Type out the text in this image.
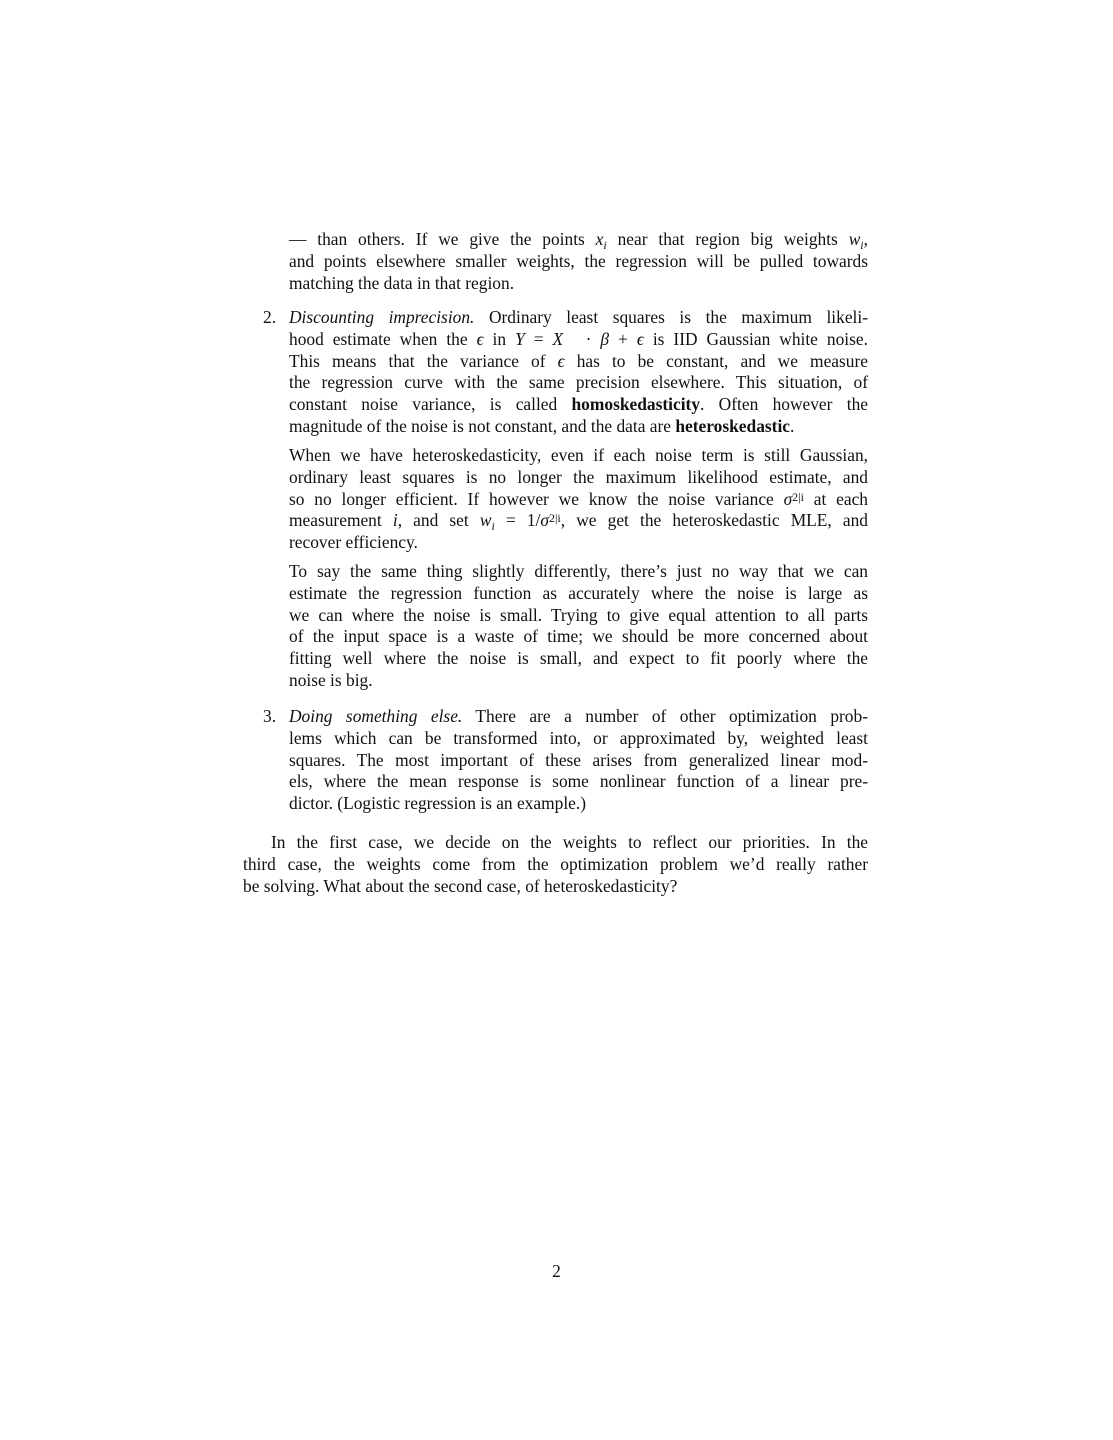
— than others. If we give the points $x_i$ near that region big weights $w_i$,
and points elsewhere smaller weights, the regression will be pulled towards
matching the data in that region.
2. Discounting imprecision. Ordinary least squares is the maximum likeli-
hood estimate when the ϵ in Y = X⃗ · β + ϵ is IID Gaussian white noise.
This means that the variance of ϵ has to be constant, and we measure
the regression curve with the same precision elsewhere. This situation, of
constant noise variance, is called homoskedasticity. Often however the
magnitude of the noise is not constant, and the data are heteroskedastic.
When we have heteroskedasticity, even if each noise term is still Gaussian,
ordinary least squares is no longer the maximum likelihood estimate, and
so no longer efficient. If however we know the noise variance $\sigma^{2|i}$ at each
measurement i, and set $w_i = 1/\sigma^{2|i}$, we get the heteroskedastic MLE, and
recover efficiency.
To say the same thing slightly differently, there’s just no way that we can
estimate the regression function as accurately where the noise is large as
we can where the noise is small. Trying to give equal attention to all parts
of the input space is a waste of time; we should be more concerned about
fitting well where the noise is small, and expect to fit poorly where the
noise is big.
3. Doing something else. There are a number of other optimization prob-
lems which can be transformed into, or approximated by, weighted least
squares. The most important of these arises from generalized linear mod-
els, where the mean response is some nonlinear function of a linear pre-
dictor. (Logistic regression is an example.)
In the first case, we decide on the weights to reflect our priorities. In the
third case, the weights come from the optimization problem we’d really rather
be solving. What about the second case, of heteroskedasticity?
2
